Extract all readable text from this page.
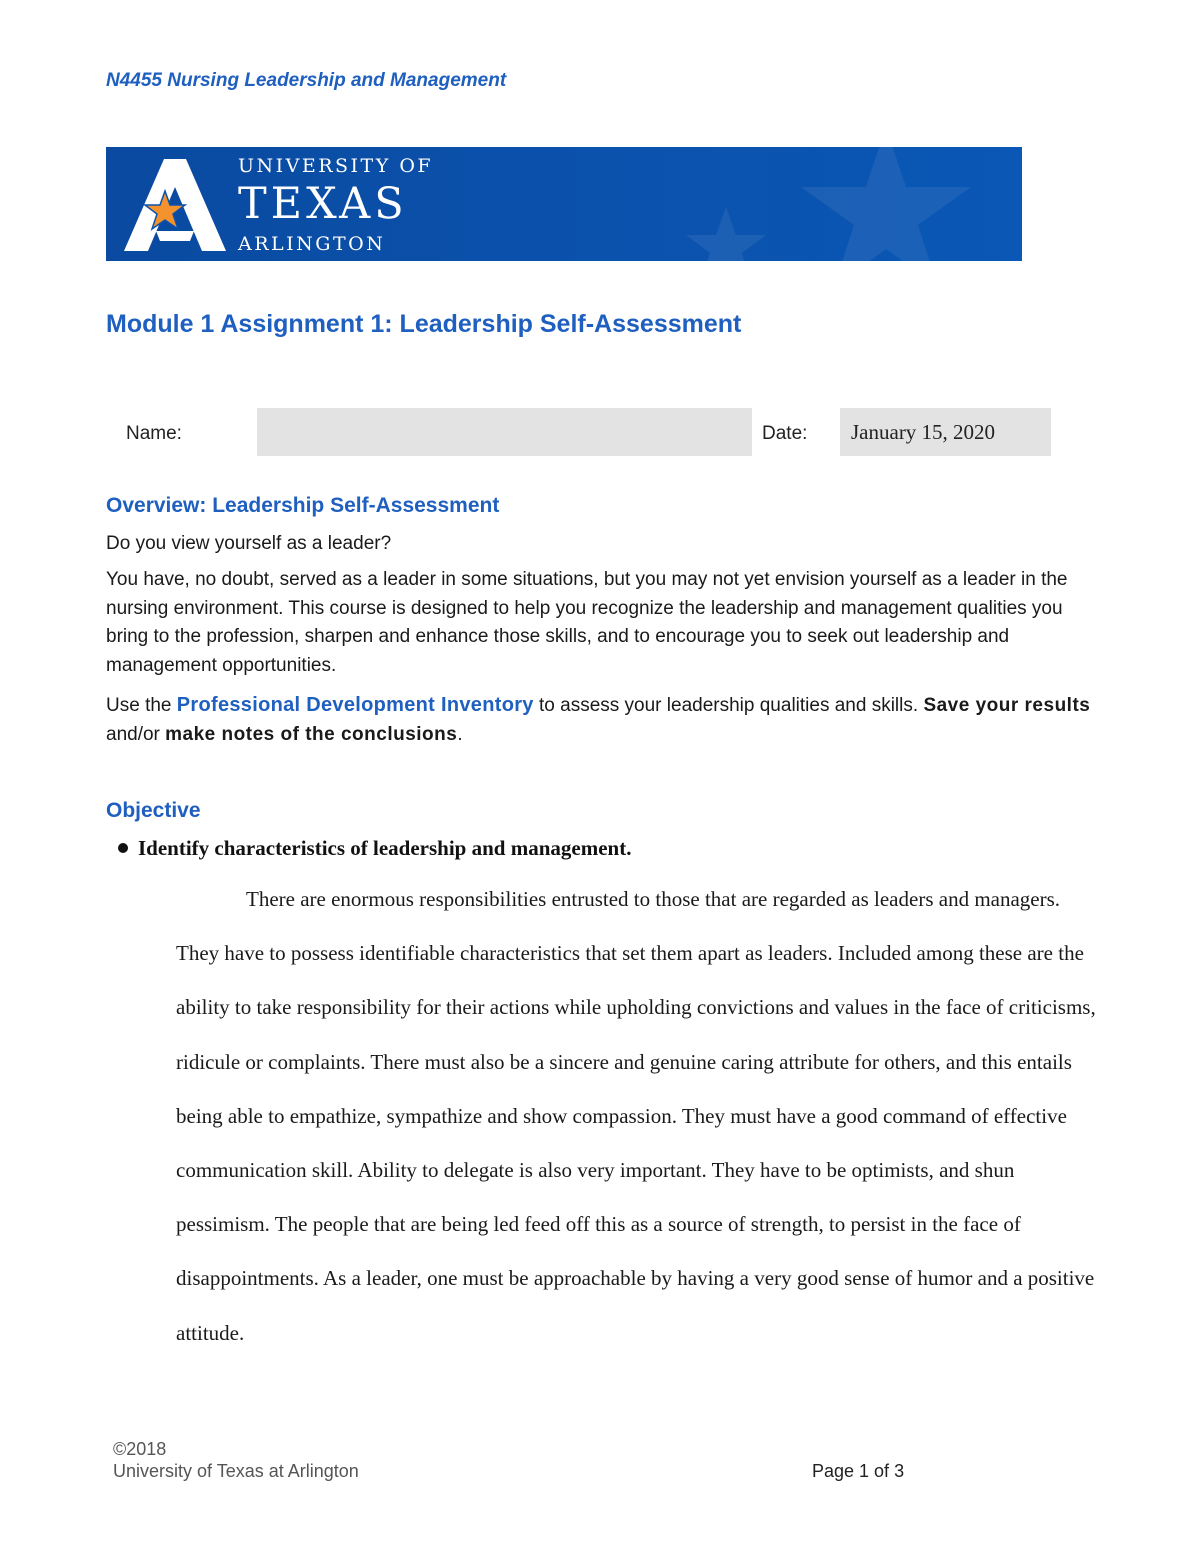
N4455 Nursing Leadership and Management

UNIVERSITY OF
TEXAS
ARLINGTON
Module 1 Assignment 1: Leadership Self-Assessment
Name:	Date:	January 15, 2020
Overview: Leadership Self-Assessment

Do you view yourself as a leader?

You have, no doubt, served as a leader in some situations, but you may not yet envision yourself as a leader in the nursing environment. This course is designed to help you recognize the leadership and management qualities you bring to the profession, sharpen and enhance those skills, and to encourage you to seek out leadership and management opportunities.

Use the Professional Development Inventory to assess your leadership qualities and skills. Save your results and/or make notes of the conclusions.

Objective
Identify characteristics of leadership and management.

There are enormous responsibilities entrusted to those that are regarded as leaders and managers. They have to possess identifiable characteristics that set them apart as leaders. Included among these are the ability to take responsibility for their actions while upholding convictions and values in the face of criticisms, ridicule or complaints. There must also be a sincere and genuine caring attribute for others, and this entails being able to empathize, sympathize and show compassion. They must have a good command of effective communication skill. Ability to delegate is also very important. They have to be optimists, and shun pessimism. The people that are being led feed off this as a source of strength, to persist in the face of disappointments. As a leader, one must be approachable by having a very good sense of humor and a positive attitude.

©2018
University of Texas at Arlington	Page 1 of 3
